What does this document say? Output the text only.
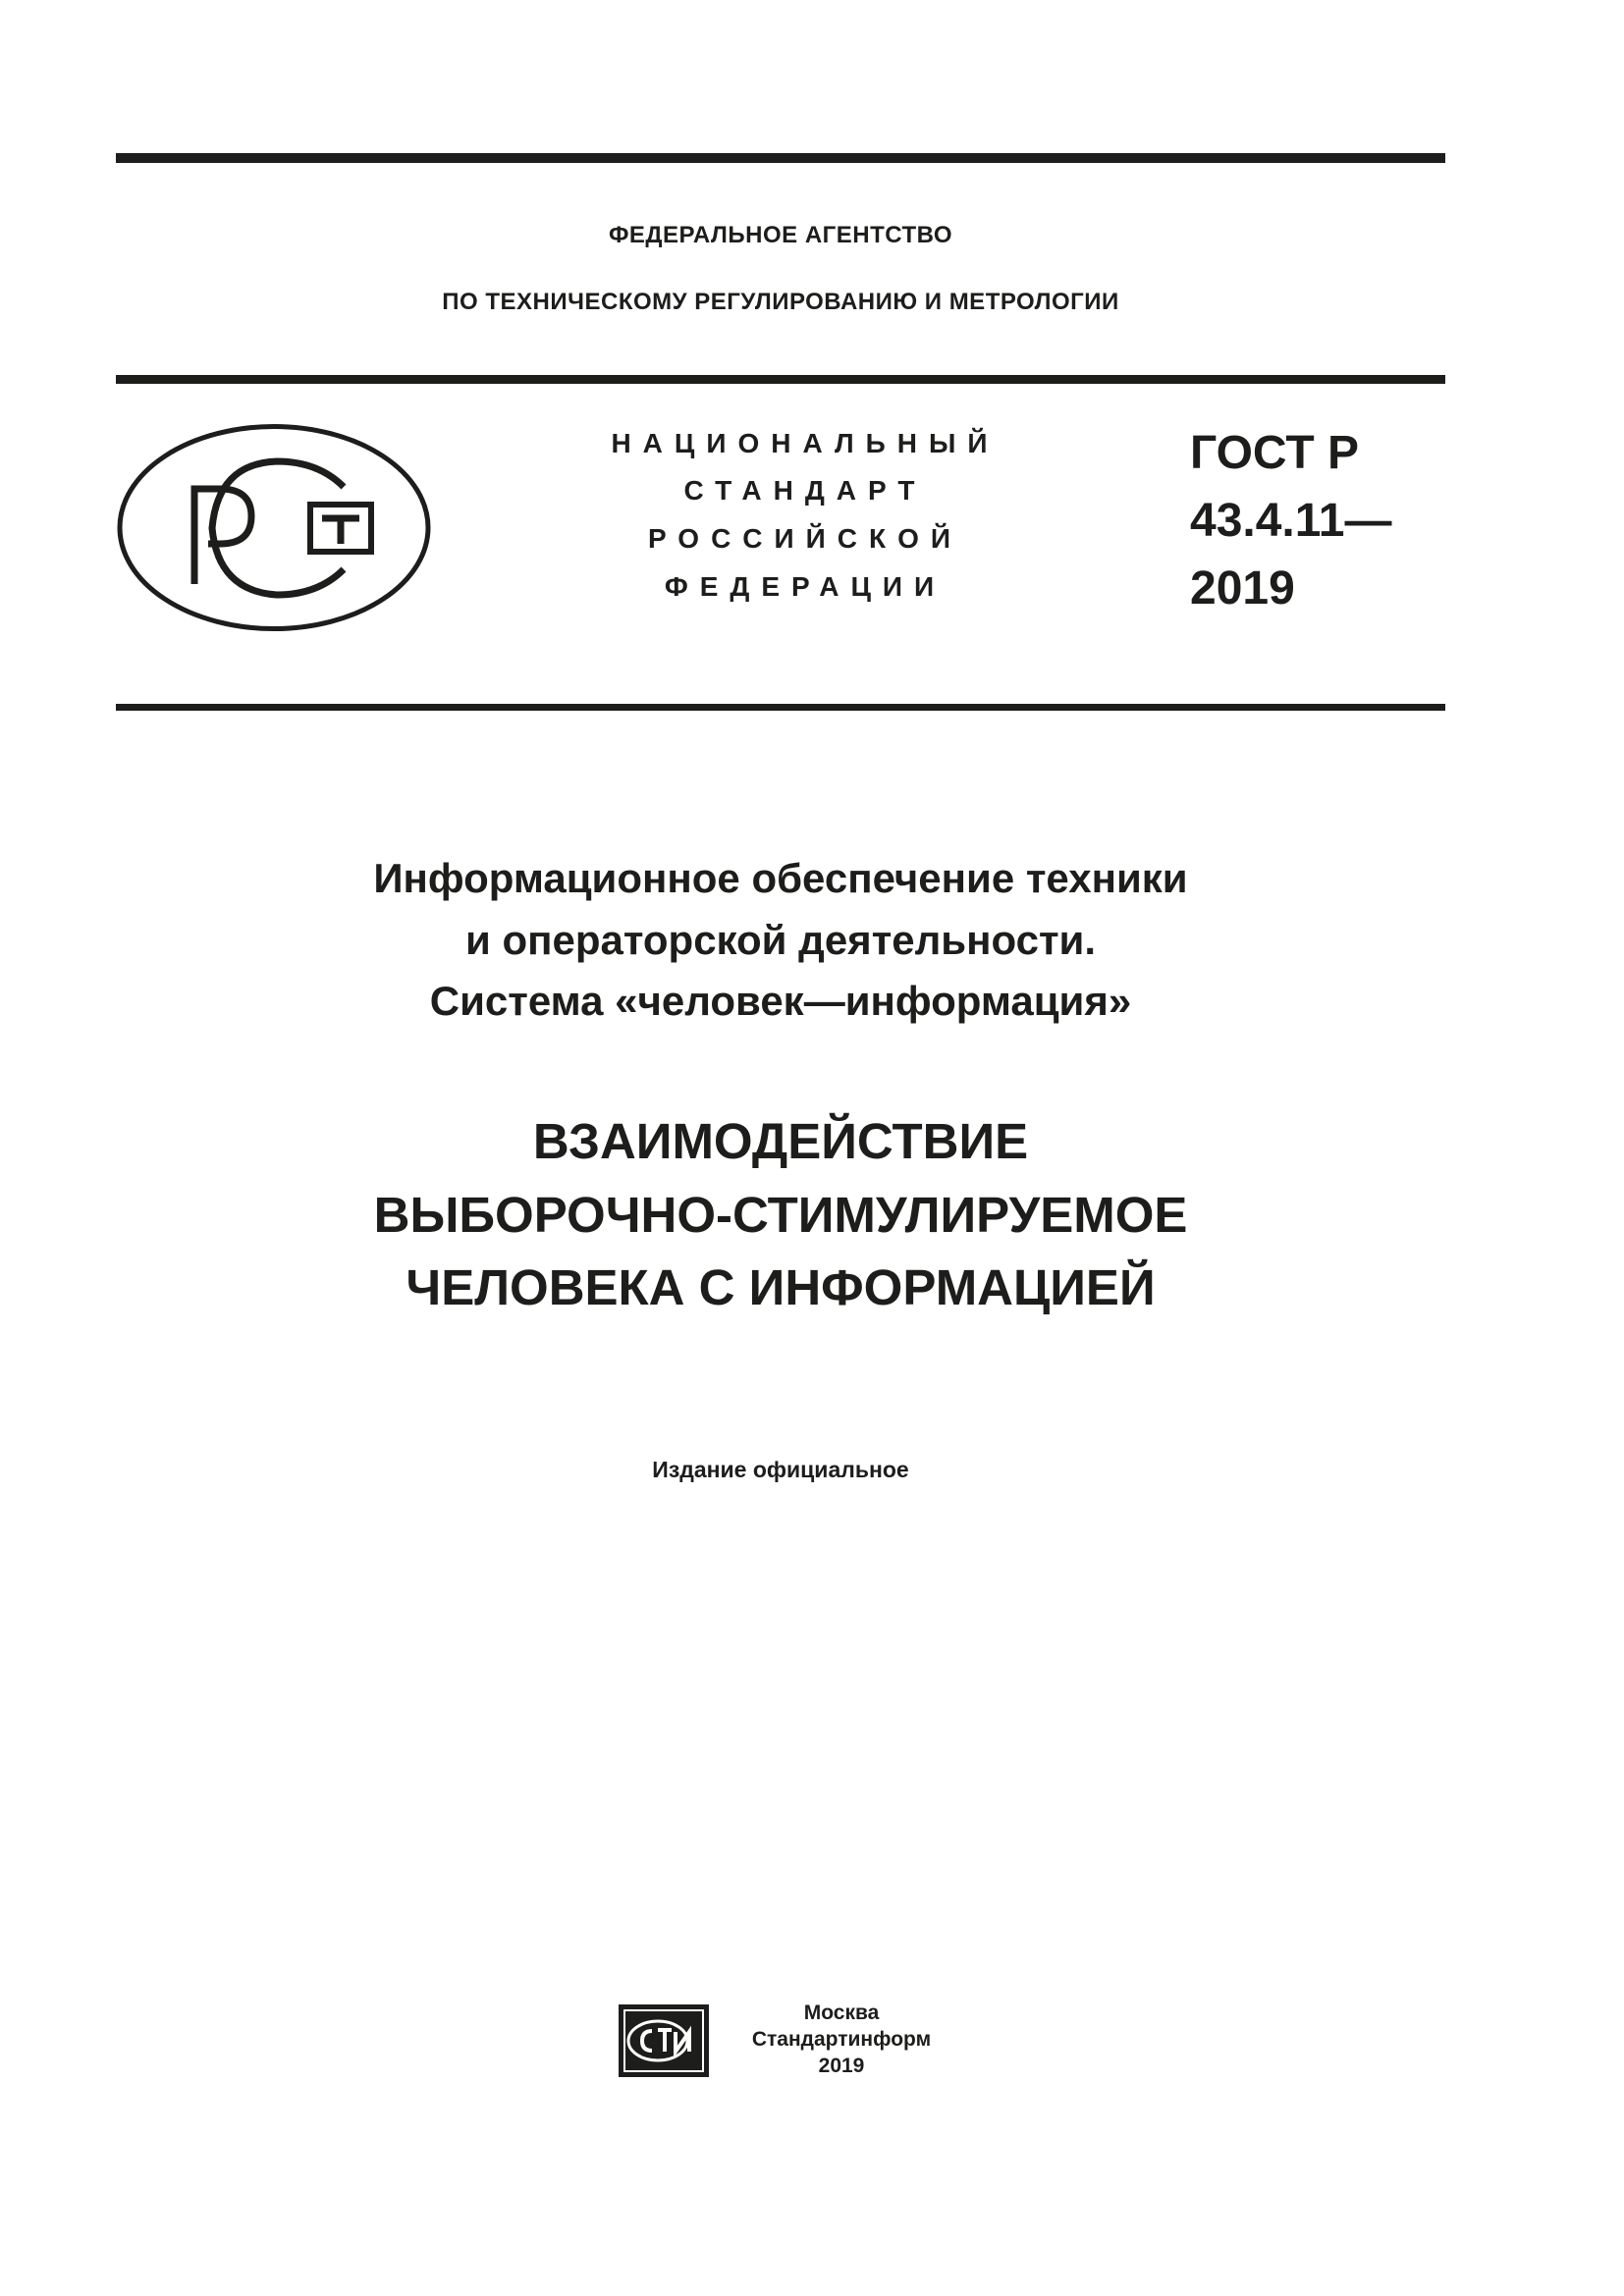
ФЕДЕРАЛЬНОЕ АГЕНТСТВО
ПО ТЕХНИЧЕСКОМУ РЕГУЛИРОВАНИЮ И МЕТРОЛОГИИ
НАЦИОНАЛЬНЫЙ
СТАНДАРТ
РОССИЙСКОЙ
ФЕДЕРАЦИИ
ГОСТ Р
43.4.11—
2019
Информационное обеспечение техники
и операторской деятельности.
Система «человек—информация»
ВЗАИМОДЕЙСТВИЕ
ВЫБОРОЧНО-СТИМУЛИРУЕМОЕ
ЧЕЛОВЕКА С ИНФОРМАЦИЕЙ
Издание официальное
Москва
Стандартинформ
2019
